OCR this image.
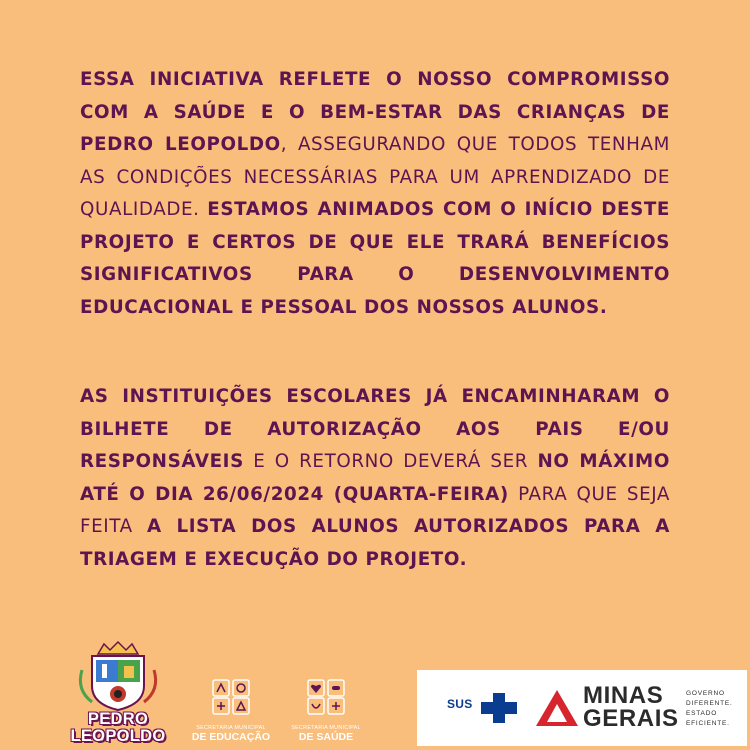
ESSA INICIATIVA REFLETE O NOSSO COMPROMISSO COM A SAÚDE E O BEM-ESTAR DAS CRIANÇAS DE PEDRO LEOPOLDO, ASSEGURANDO QUE TODOS TENHAM AS CONDIÇÕES NECESSÁRIAS PARA UM APRENDIZADO DE QUALIDADE. ESTAMOS ANIMADOS COM O INÍCIO DESTE PROJETO E CERTOS DE QUE ELE TRARÁ BENEFÍCIOS SIGNIFICATIVOS PARA O DESENVOLVIMENTO EDUCACIONAL E PESSOAL DOS NOSSOS ALUNOS.
AS INSTITUIÇÕES ESCOLARES JÁ ENCAMINHARAM O BILHETE DE AUTORIZAÇÃO AOS PAIS E/OU RESPONSÁVEIS E O RETORNO DEVERÁ SER NO MÁXIMO ATÉ O DIA 26/06/2024 (QUARTA-FEIRA) PARA QUE SEJA FEITA A LISTA DOS ALUNOS AUTORIZADOS PARA A TRIAGEM E EXECUÇÃO DO PROJETO.
PEDRO
LEOPOLDO	SECRETARIA MUNICIPAL
DE EDUCAÇÃO
SECRETARIA MUNICIPAL
DE SAÚDE
SUS	MINAS
GERAIS
GOVERNO
DIFERENTE.
ESTADO
EFICIENTE.
